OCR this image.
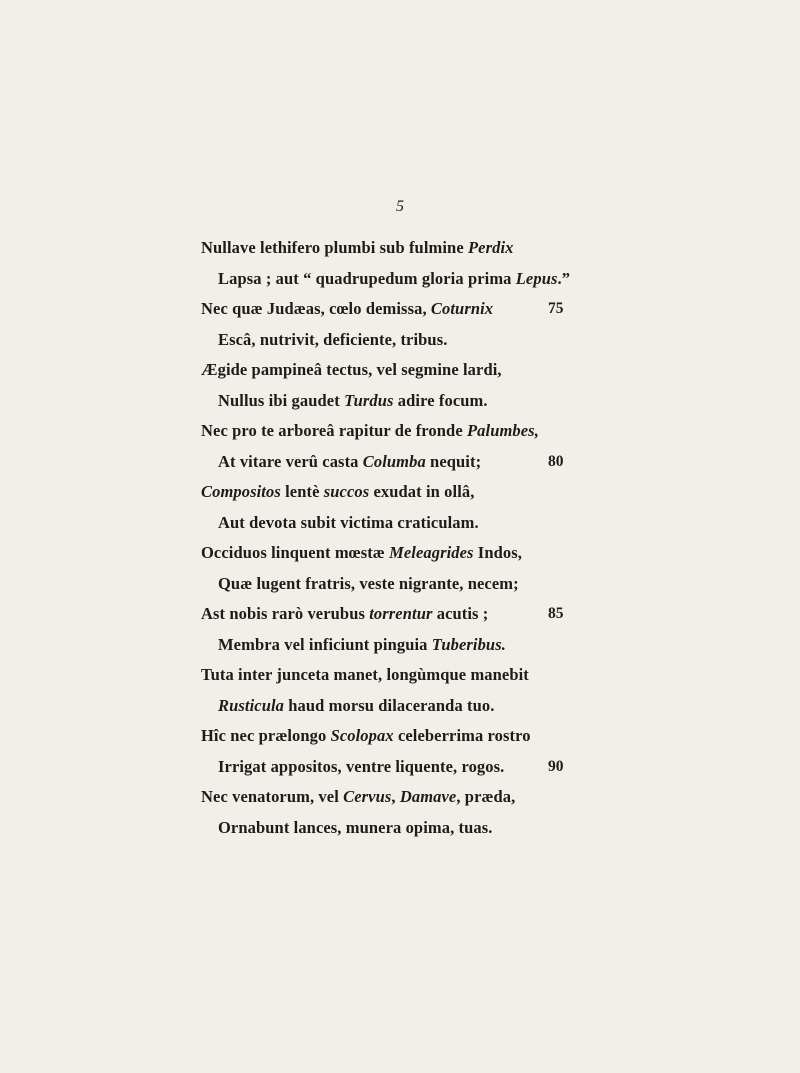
5
Nullave lethifero plumbi sub fulmine Perdix
Lapsa ; aut “ quadrupedum gloria prima Lepus.”
Nec quæ Judæas, cœlo demissa, Coturnix	75
Escâ, nutrivit, deficiente, tribus.
Ægide pampineâ tectus, vel segmine lardi,
Nullus ibi gaudet Turdus adire focum.
Nec pro te arboreâ rapitur de fronde Palumbes,
At vitare verû casta Columba nequit;	80
Compositos lentè succos exudat in ollâ,
Aut devota subit victima craticulam.
Occiduos linquent mœstæ Meleagrides Indos,
Quæ lugent fratris, veste nigrante, necem;
Ast nobis rarò verubus torrentur acutis ;	85
Membra vel inficiunt pinguia Tuberibus.
Tuta inter junceta manet, longùmque manebit
Rusticula haud morsu dilaceranda tuo.
Hîc nec prælongo Scolopax celeberrima rostro
Irrigat appositos, ventre liquente, rogos.	90
Nec venatorum, vel Cervus, Damave, præda,
Ornabunt lances, munera opima, tuas.
